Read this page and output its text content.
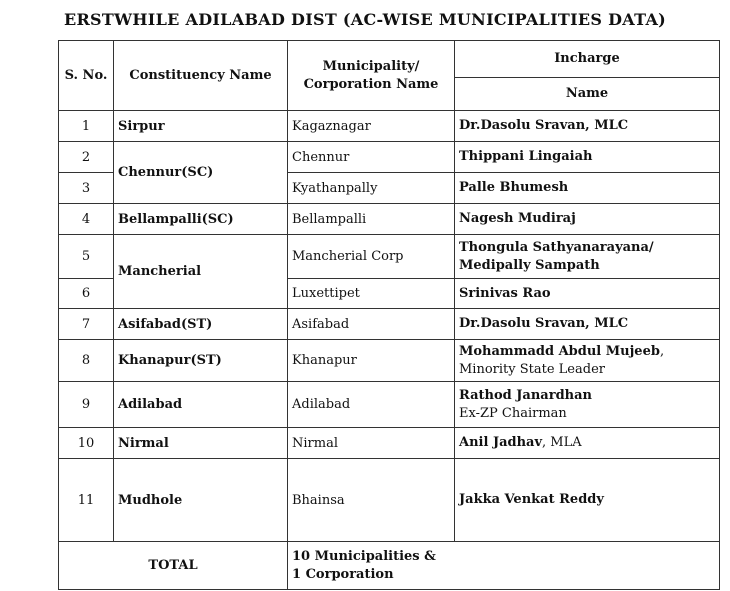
ERSTWHILE ADILABAD DIST (AC-WISE MUNICIPALITIES DATA)
S. No.	Constituency Name	Municipality/
Corporation Name	Incharge
			Name
1	Sirpur	Kagaznagar	Dr.Dasolu Sravan, MLC
2	Chennur(SC)	Chennur	Thippani Lingaiah
3		Kyathanpally	Palle Bhumesh
4	Bellampalli(SC)	Bellampalli	Nagesh Mudiraj
5	Mancherial	Mancherial Corp	Thongula Sathyanarayana/
Medipally Sampath

6		Luxettipet	Srinivas Rao
7	Asifabad(ST)	Asifabad	Dr.Dasolu Sravan, MLC
8	Khanapur(ST)	Khanapur	Mohammadd Abdul Mujeeb,
Minority State Leader

9	Adilabad	Adilabad	Rathod Janardhan
Ex-ZP Chairman

10	Nirmal	Nirmal	Anil Jadhav, MLA
11	Mudhole	Bhainsa	Jakka Venkat Reddy
TOTAL		10 Municipalities &
1 Corporation	
